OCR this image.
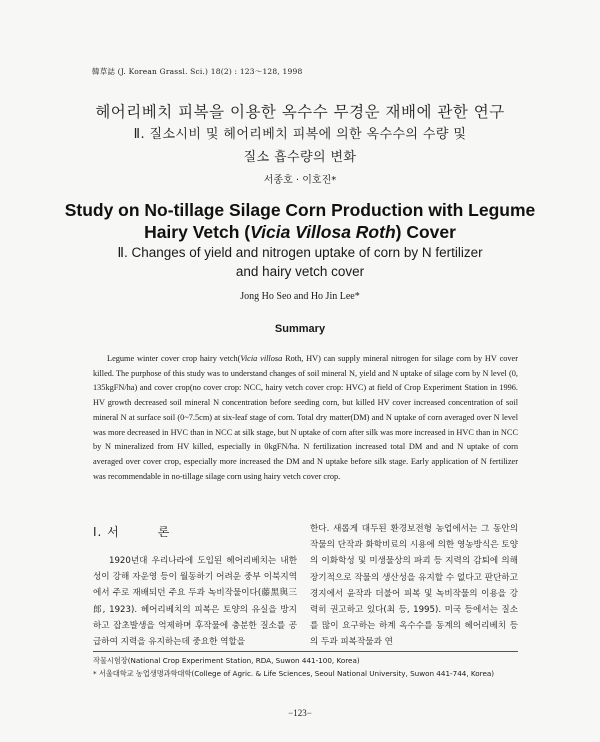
韓草誌 (J. Korean Grassl. Sci.) 18(2) : 123～128, 1998
헤어리베치 피복을 이용한 옥수수 무경운 재배에 관한 연구
Ⅱ. 질소시비 및 헤어리베치 피복에 의한 옥수수의 수량 및
질소 흡수량의 변화
서종호 · 이호진*
Study on No-tillage Silage Corn Production with Legume
Hairy Vetch (Vicia Villosa Roth) Cover
Ⅱ. Changes of yield and nitrogen uptake of corn by N fertilizer
and hairy vetch cover
Jong Ho Seo and Ho Jin Lee*
Summary

Legume winter cover crop hairy vetch(Vicia villosa Roth, HV) can supply mineral nitrogen for silage corn by HV cover killed. The purphose of this study was to understand changes of soil mineral N, yield and N uptake of silage corn by N level (0, 135kgFN/ha) and cover crop(no cover crop: NCC, hairy vetch cover crop: HVC) at field of Crop Experiment Station in 1996. HV growth decreased soil mineral N concentration before seeding corn, but killed HV cover increased concentration of soil mineral N at surface soil (0~7.5cm) at six-leaf stage of corn. Total dry matter(DM) and N uptake of corn averaged over N level was more decreased in HVC than in NCC at silk stage, but N uptake of corn after silk was more increased in HVC than in NCC by N mineralized from HV killed, especially in 0kgFN/ha. N fertilization increased total DM and and N uptake of corn averaged over cover crop, especially more increased the DM and N uptake before silk stage. Early application of N fertilizer was recommendable in no-tillage silage corn using hairy vetch cover crop.

Ⅰ. 서	론

1920년대 우리나라에 도입된 헤어리베치는 내한성이 강해 자운영 등이 월동하기 어려운 중부 이북지역에서 주로 재배되던 주요 두과 녹비작물이다(藤黑與三郎, 1923). 헤어리베치의 피복은 토양의 유실을 방지하고 잡초발생을 억제하며 후작물에 충분한 질소를 공급하여 지력을 유지하는데 중요한 역할을

한다. 새롭게 대두된 환경보전형 농업에서는 그 동안의 작물의 단작과 화학비료의 시용에 의한 영농방식은 토양의 이화학성 및 미생물상의 파괴 등 지력의 감퇴에 의해 장기적으로 작물의 생산성을 유지할 수 없다고 판단하고 경지에서 윤작과 더불어 피복 및 녹비작물의 이용을 강력히 권고하고 있다(최 등, 1995). 미국 등에서는 질소를 많이 요구하는 하계 옥수수를 동계의 헤어리베치 등의 두과 피복작물과 연

작물시험장(National Crop Experiment Station, RDA, Suwon 441-100, Korea)
* 서울대학교 농업생명과학대학(College of Agric. & Life Sciences, Seoul National University, Suwon 441-744, Korea)
−123−
